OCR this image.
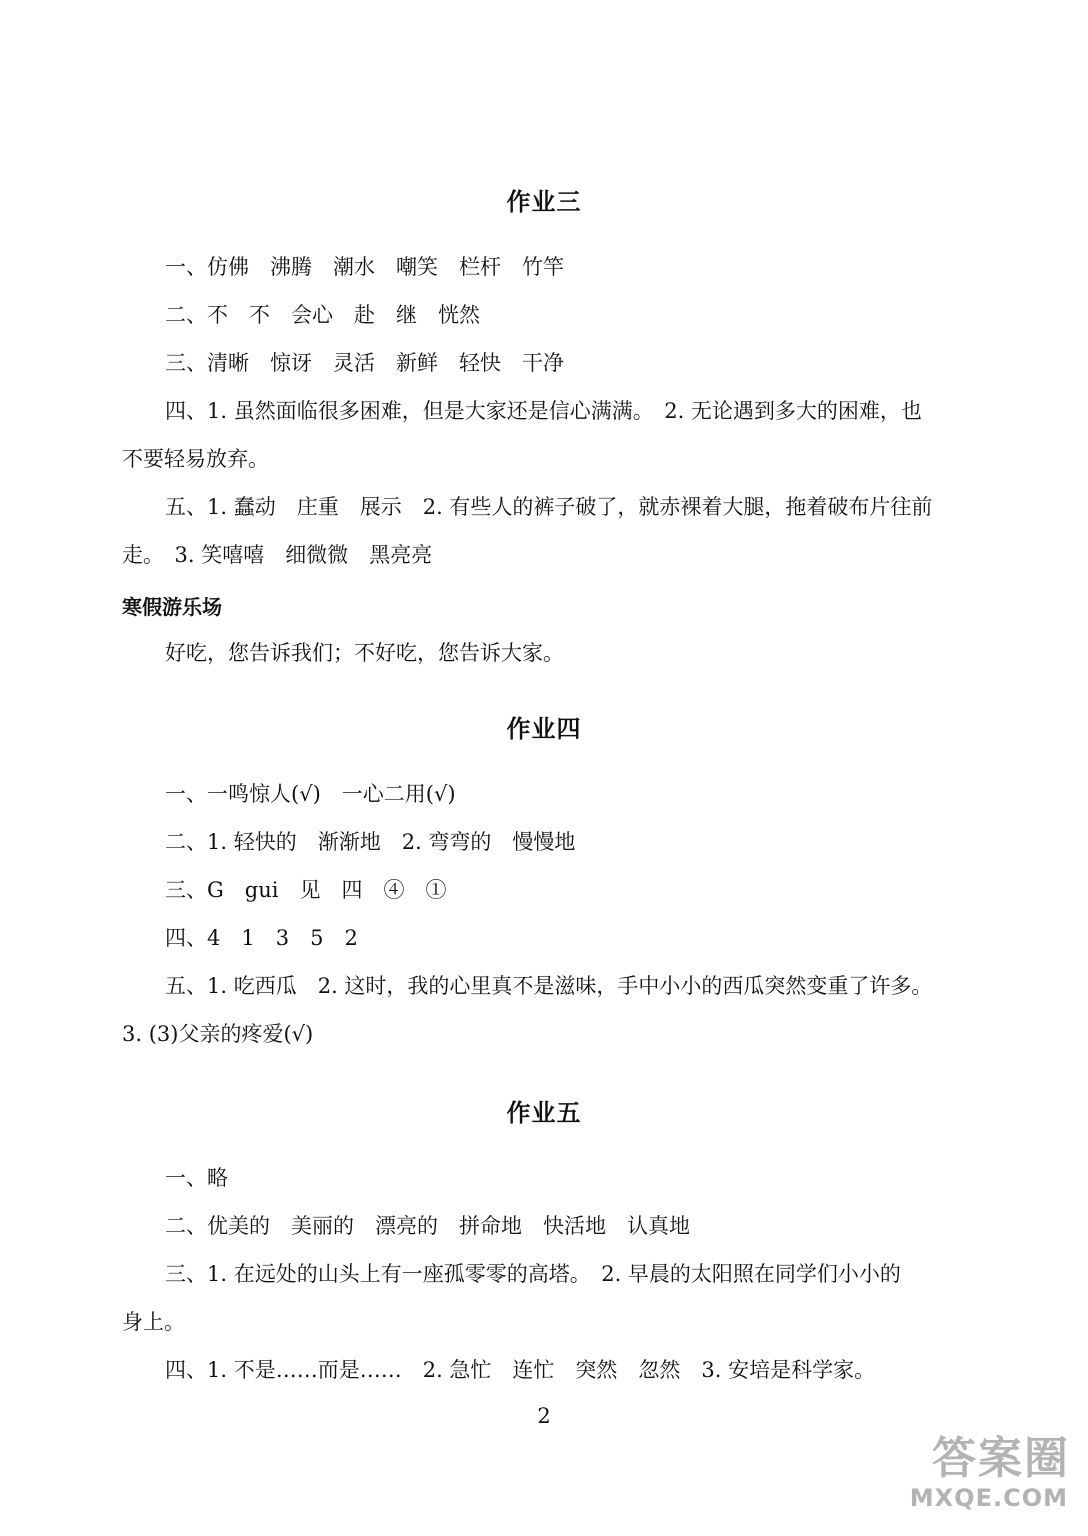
作业三
一、仿佛　沸腾　潮水　嘲笑　栏杆　竹竿
二、不　不　会心　赴　继　恍然
三、清晰　惊讶　灵活　新鲜　轻快　干净
四、1. 虽然面临很多困难，但是大家还是信心满满。　2. 无论遇到多大的困难，也
不要轻易放弃。
五、1. 蠢动　庄重　展示　2. 有些人的裤子破了，就赤裸着大腿，拖着破布片往前
走。　3. 笑嘻嘻　细微微　黑亮亮
寒假游乐场
好吃，您告诉我们；不好吃，您告诉大家。
作业四
一、一鸣惊人(√)　一心二用(√)
二、1. 轻快的　渐渐地　2. 弯弯的　慢慢地
三、G　gui　见　四　④　①
四、4　1　3　5　2
五、1. 吃西瓜　2. 这时，我的心里真不是滋味，手中小小的西瓜突然变重了许多。
3. (3)父亲的疼爱(√)
作业五
一、略
二、优美的　美丽的　漂亮的　拼命地　快活地　认真地
三、1. 在远处的山头上有一座孤零零的高塔。　2. 早晨的太阳照在同学们小小的
身上。
四、1. 不是……而是……　2. 急忙　连忙　突然　忽然　3. 安培是科学家。
2
答案圈
MXQE.COM
